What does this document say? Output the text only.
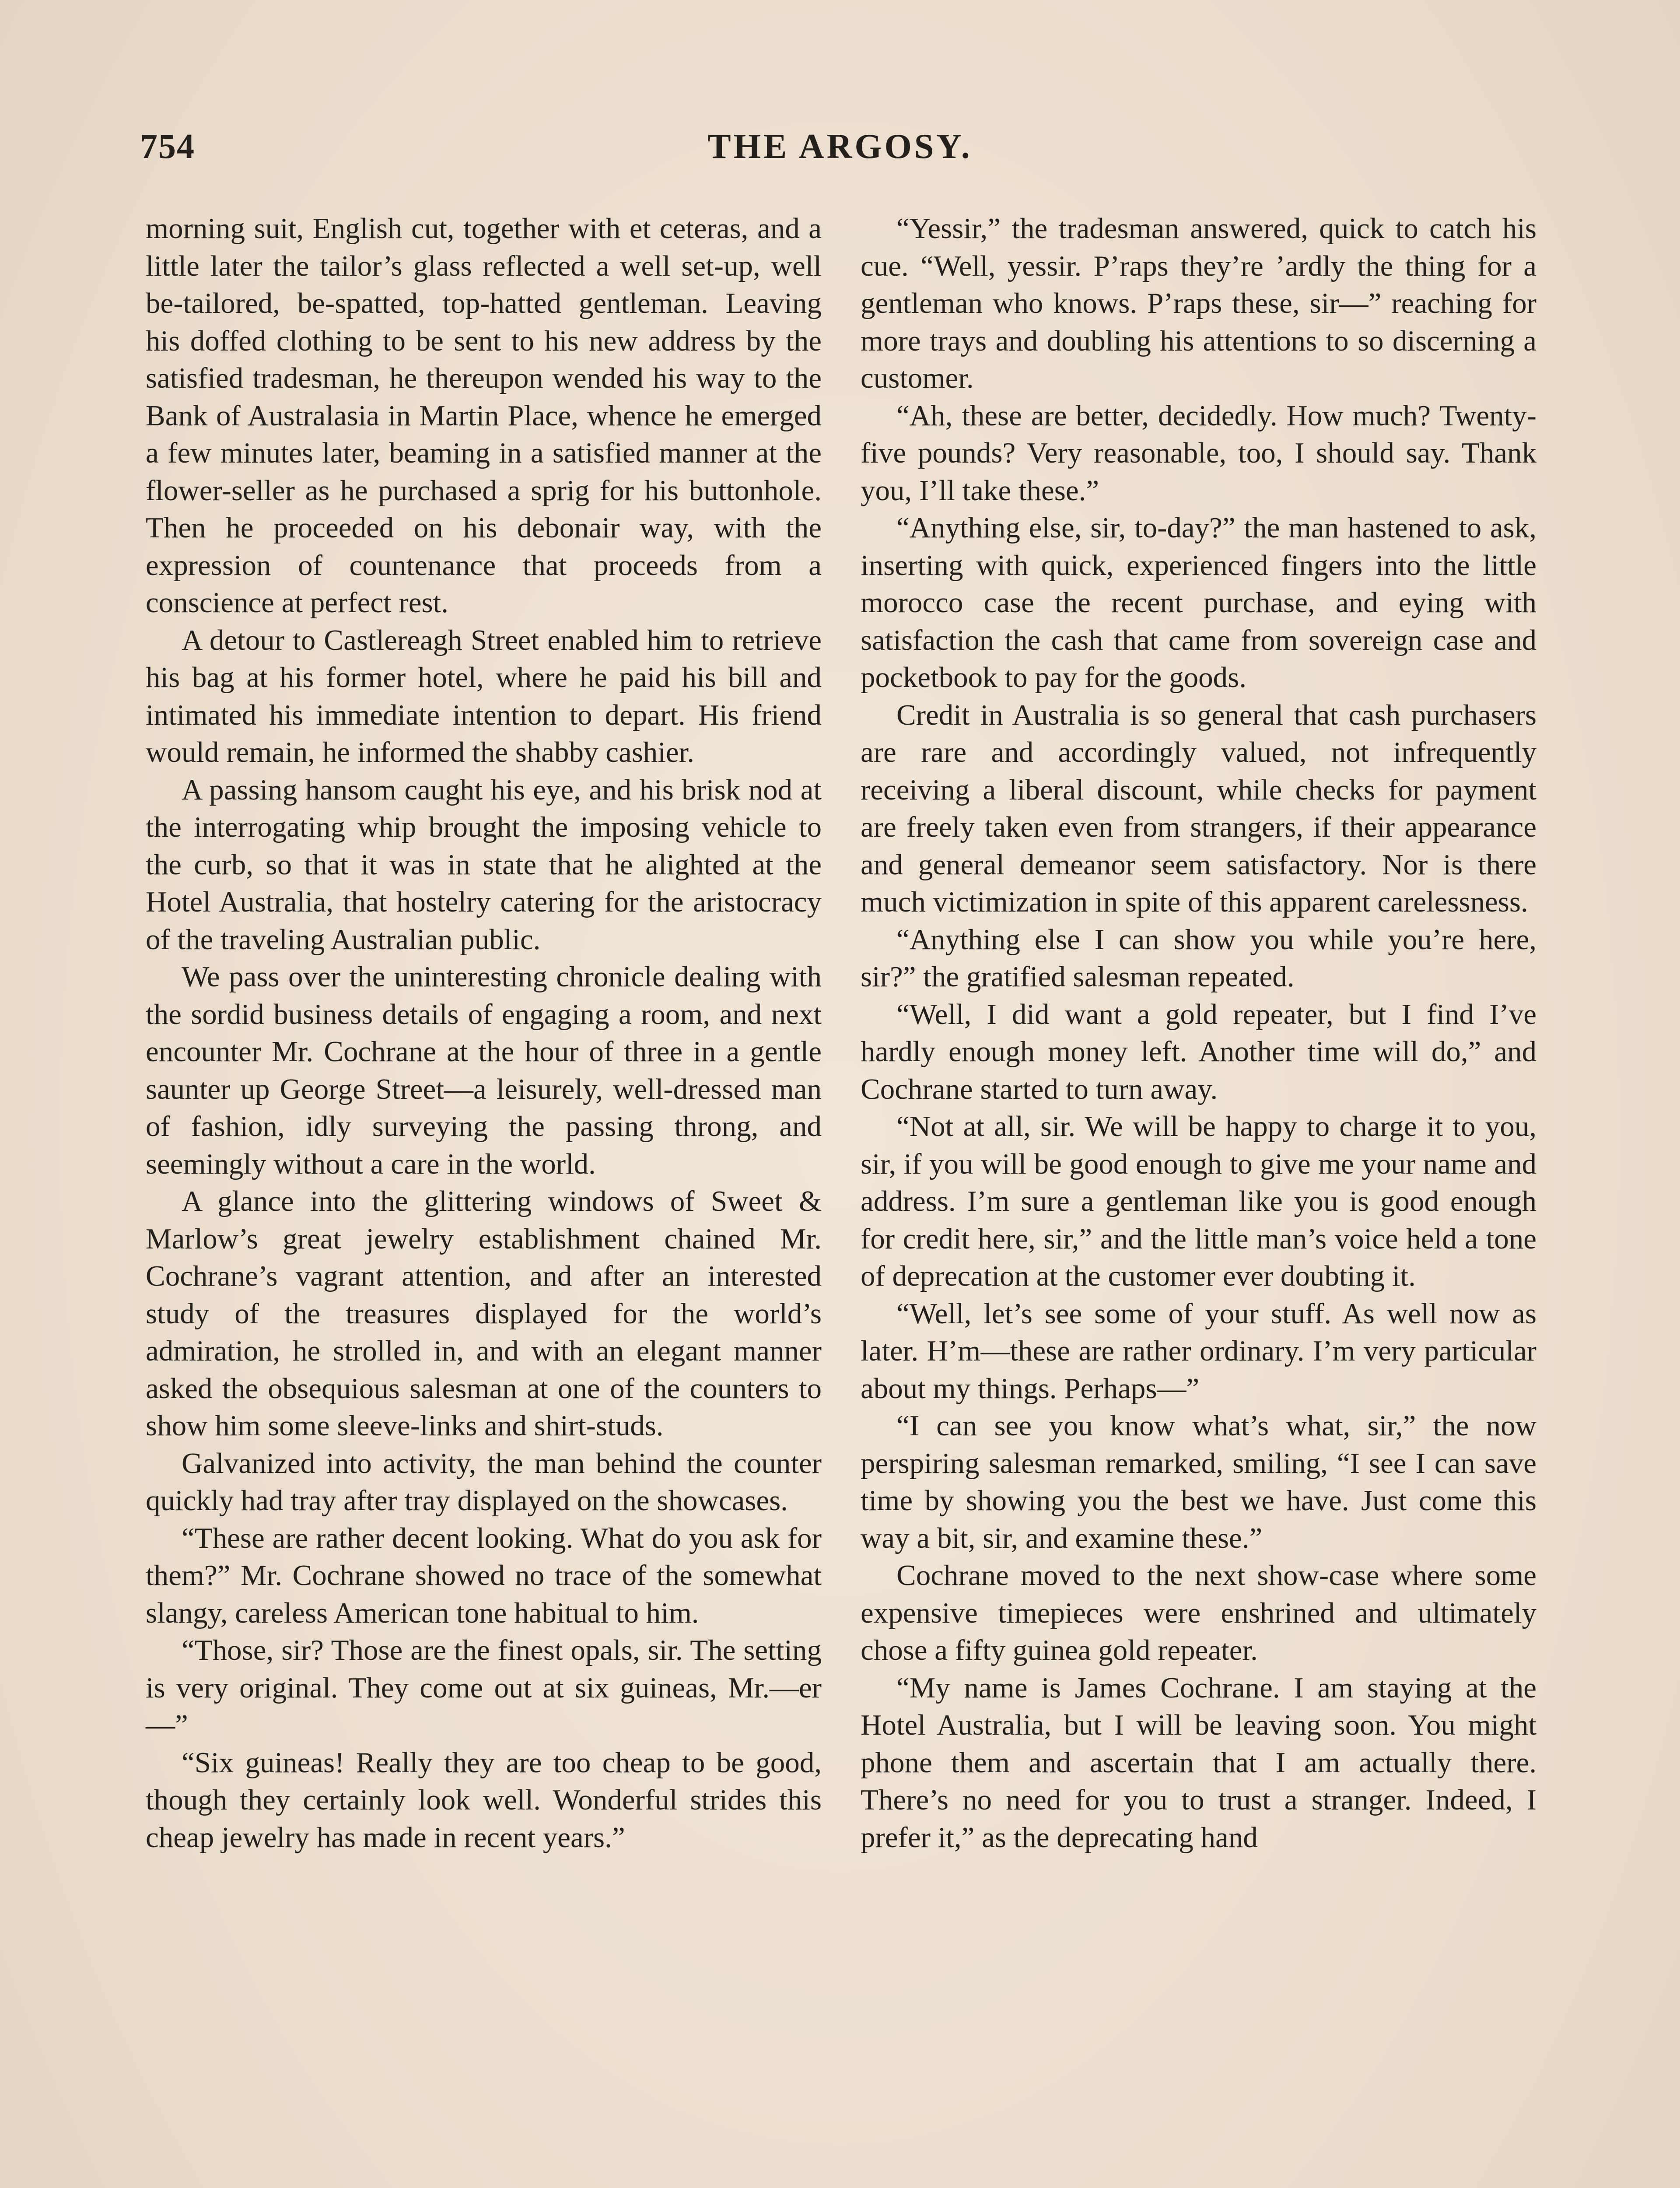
754	THE ARGOSY.

morning suit, English cut, together with et ceteras, and a little later the tailor’s glass reflected a well set-up, well be-tailored, be-spatted, top-hatted gentleman. Leaving his doffed clothing to be sent to his new address by the satisfied tradesman, he thereupon wended his way to the Bank of Australasia in Martin Place, whence he emerged a few minutes later, beaming in a satisfied manner at the flower-seller as he purchased a sprig for his buttonhole. Then he proceeded on his debonair way, with the expression of countenance that proceeds from a conscience at perfect rest.

A detour to Castlereagh Street enabled him to retrieve his bag at his former hotel, where he paid his bill and intimated his immediate intention to depart. His friend would remain, he informed the shabby cashier.

A passing hansom caught his eye, and his brisk nod at the interrogating whip brought the imposing vehicle to the curb, so that it was in state that he alighted at the Hotel Australia, that hostelry catering for the aristocracy of the traveling Australian public.

We pass over the uninteresting chronicle dealing with the sordid business details of engaging a room, and next encounter Mr. Cochrane at the hour of three in a gentle saunter up George Street—a leisurely, well-dressed man of fashion, idly surveying the passing throng, and seemingly without a care in the world.

A glance into the glittering windows of Sweet & Marlow’s great jewelry establishment chained Mr. Cochrane’s vagrant attention, and after an interested study of the treasures displayed for the world’s admiration, he strolled in, and with an elegant manner asked the obsequious salesman at one of the counters to show him some sleeve-links and shirt-studs.

Galvanized into activity, the man behind the counter quickly had tray after tray displayed on the showcases.

“These are rather decent looking. What do you ask for them?” Mr. Cochrane showed no trace of the somewhat slangy, careless American tone habitual to him.

“Those, sir? Those are the finest opals, sir. The setting is very original. They come out at six guineas, Mr.—er—”

“Six guineas! Really they are too cheap to be good, though they certainly look well. Wonderful strides this cheap jewelry has made in recent years.”

“Yessir,” the tradesman answered, quick to catch his cue. “Well, yessir. P’raps they’re ’ardly the thing for a gentleman who knows. P’raps these, sir—” reaching for more trays and doubling his attentions to so discerning a customer.

“Ah, these are better, decidedly. How much? Twenty-five pounds? Very reasonable, too, I should say. Thank you, I’ll take these.”

“Anything else, sir, to-day?” the man hastened to ask, inserting with quick, experienced fingers into the little morocco case the recent purchase, and eying with satisfaction the cash that came from sovereign case and pocketbook to pay for the goods.

Credit in Australia is so general that cash purchasers are rare and accordingly valued, not infrequently receiving a liberal discount, while checks for payment are freely taken even from strangers, if their appearance and general demeanor seem satisfactory. Nor is there much victimization in spite of this apparent carelessness.

“Anything else I can show you while you’re here, sir?” the gratified salesman repeated.

“Well, I did want a gold repeater, but I find I’ve hardly enough money left. Another time will do,” and Cochrane started to turn away.

“Not at all, sir. We will be happy to charge it to you, sir, if you will be good enough to give me your name and address. I’m sure a gentleman like you is good enough for credit here, sir,” and the little man’s voice held a tone of deprecation at the customer ever doubting it.

“Well, let’s see some of your stuff. As well now as later. H’m—these are rather ordinary. I’m very particular about my things. Perhaps—”

“I can see you know what’s what, sir,” the now perspiring salesman remarked, smiling, “I see I can save time by showing you the best we have. Just come this way a bit, sir, and examine these.”

Cochrane moved to the next show-case where some expensive timepieces were enshrined and ultimately chose a fifty guinea gold repeater.

“My name is James Cochrane. I am staying at the Hotel Australia, but I will be leaving soon. You might phone them and ascertain that I am actually there. There’s no need for you to trust a stranger. Indeed, I prefer it,” as the deprecating hand
